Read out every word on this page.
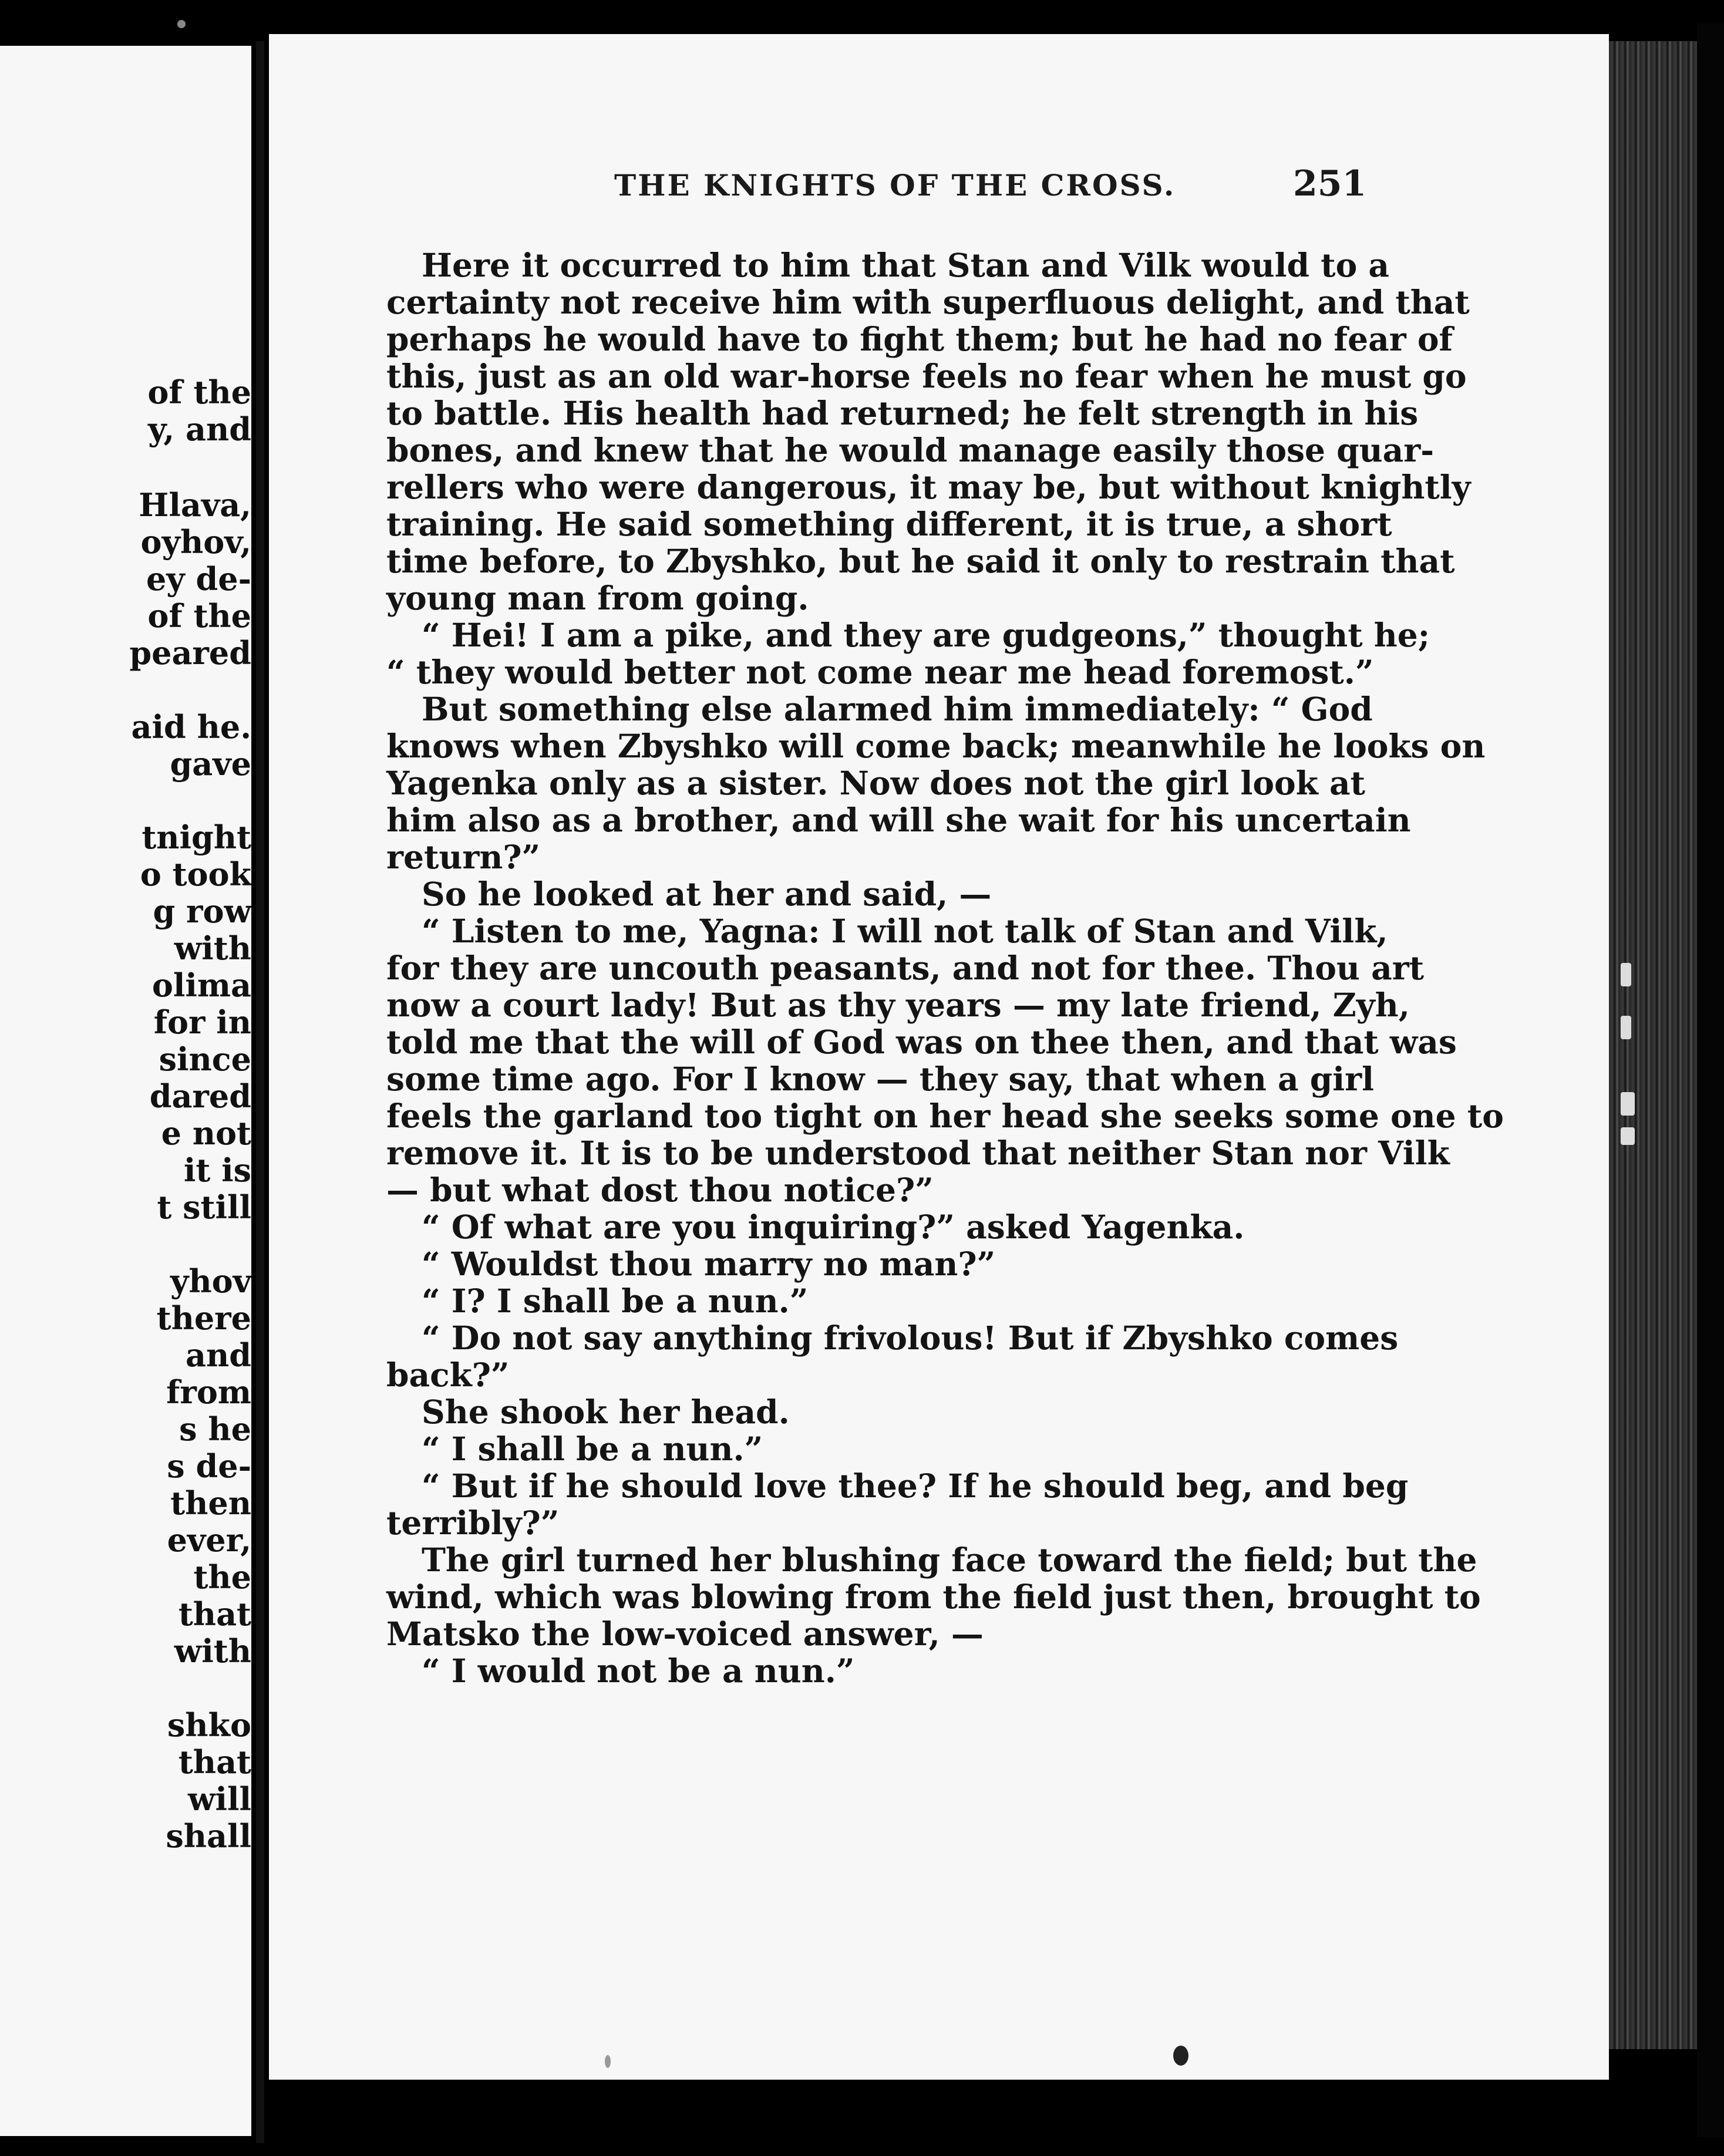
of the
y, and
Hlava,
oyhov,
ey de-
of the
peared
aid he.
gave
tnight
o took
g row
with
olima
for in
since
dared
e not
it is
t still
yhov
there
and
from
s he
s de-
then
ever,
the
that
with
shko
that
will
shall
THE KNIGHTS OF THE CROSS.	251
Here it occurred to him that Stan and Vilk would to a
certainty not receive him with superfluous delight, and that
perhaps he would have to fight them; but he had no fear of
this, just as an old war-horse feels no fear when he must go
to battle. His health had returned; he felt strength in his
bones, and knew that he would manage easily those quar-
rellers who were dangerous, it may be, but without knightly
training. He said something different, it is true, a short
time before, to Zbyshko, but he said it only to restrain that
young man from going.
“ Hei! I am a pike, and they are gudgeons,” thought he;
“ they would better not come near me head foremost.”
But something else alarmed him immediately: “ God
knows when Zbyshko will come back; meanwhile he looks on
Yagenka only as a sister. Now does not the girl look at
him also as a brother, and will she wait for his uncertain
return?”
So he looked at her and said, —
“ Listen to me, Yagna: I will not talk of Stan and Vilk,
for they are uncouth peasants, and not for thee. Thou art
now a court lady! But as thy years — my late friend, Zyh,
told me that the will of God was on thee then, and that was
some time ago. For I know — they say, that when a girl
feels the garland too tight on her head she seeks some one to
remove it. It is to be understood that neither Stan nor Vilk
— but what dost thou notice?”
“ Of what are you inquiring?” asked Yagenka.
“ Wouldst thou marry no man?”
“ I? I shall be a nun.”
“ Do not say anything frivolous! But if Zbyshko comes
back?”
She shook her head.
“ I shall be a nun.”
“ But if he should love thee? If he should beg, and beg
terribly?”
The girl turned her blushing face toward the field; but the
wind, which was blowing from the field just then, brought to
Matsko the low-voiced answer, —
“ I would not be a nun.”
